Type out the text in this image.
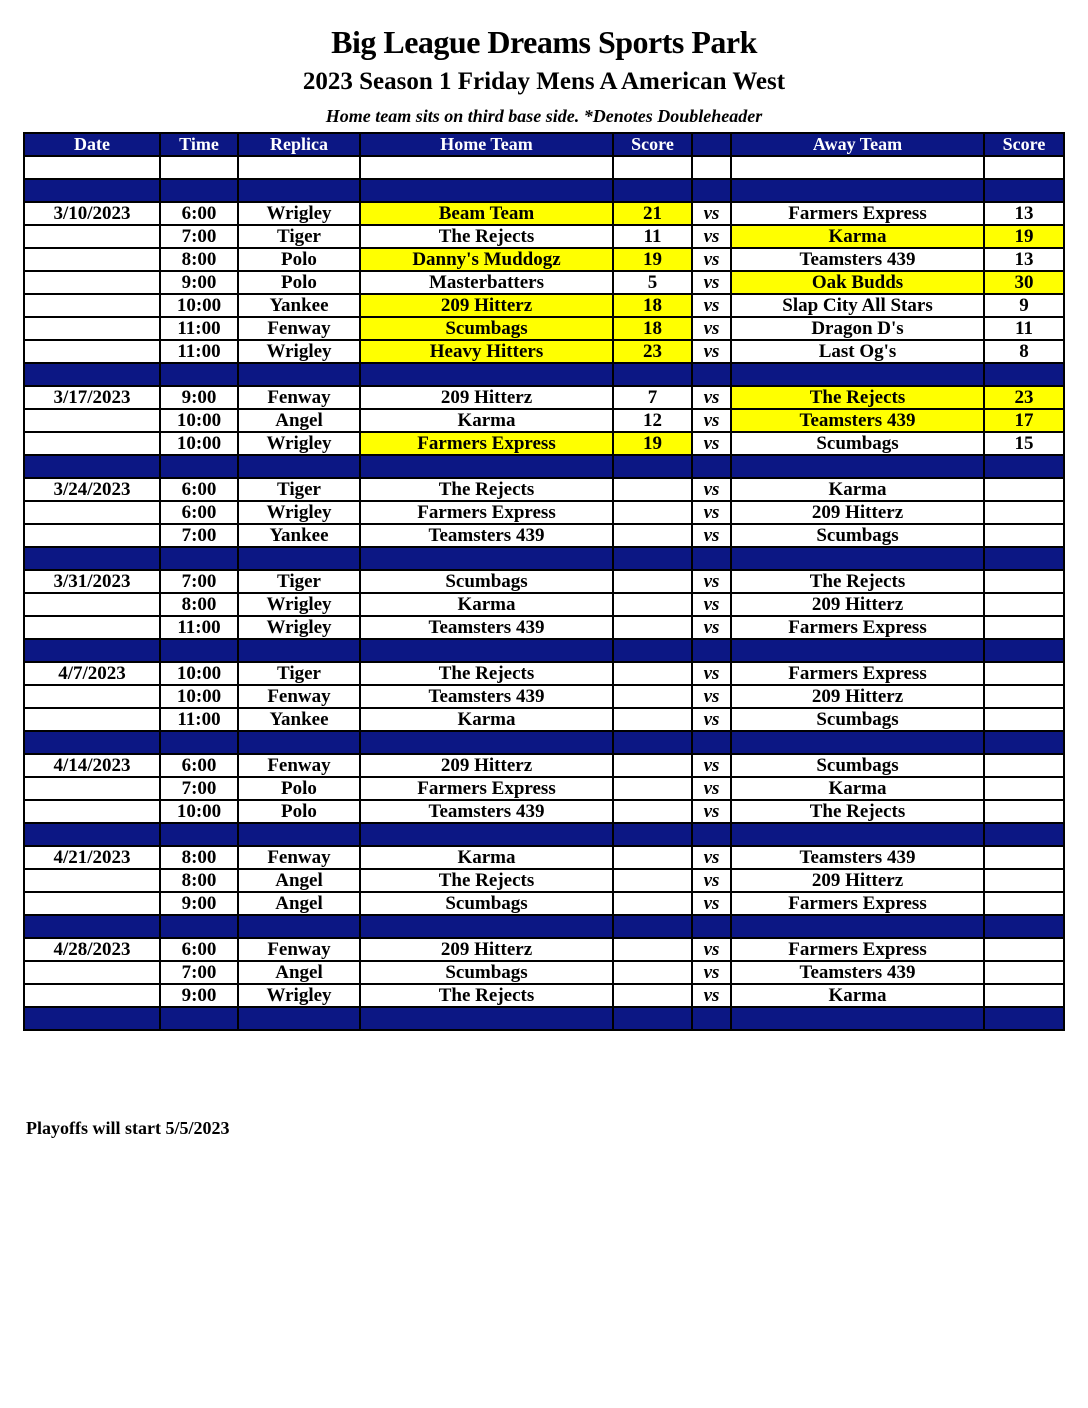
Big League Dreams Sports Park
2023 Season 1 Friday Mens A American West
Home team sits on third base side. *Denotes Doubleheader
Date	Time	Replica	Home Team	Score		Away Team	Score

3/10/2023	6:00	Wrigley	Beam Team	21	vs	Farmers Express	13
	7:00	Tiger	The Rejects	11	vs	Karma	19
	8:00	Polo	Danny's Muddogz	19	vs	Teamsters 439	13
	9:00	Polo	Masterbatters	5	vs	Oak Budds	30
	10:00	Yankee	209 Hitterz	18	vs	Slap City All Stars	9
	11:00	Fenway	Scumbags	18	vs	Dragon D's	11
	11:00	Wrigley	Heavy Hitters	23	vs	Last Og's	8

3/17/2023	9:00	Fenway	209 Hitterz	7	vs	The Rejects	23
	10:00	Angel	Karma	12	vs	Teamsters 439	17
	10:00	Wrigley	Farmers Express	19	vs	Scumbags	15

3/24/2023	6:00	Tiger	The Rejects		vs	Karma	
	6:00	Wrigley	Farmers Express		vs	209 Hitterz	
	7:00	Yankee	Teamsters 439		vs	Scumbags	

3/31/2023	7:00	Tiger	Scumbags		vs	The Rejects	
	8:00	Wrigley	Karma		vs	209 Hitterz	
	11:00	Wrigley	Teamsters 439		vs	Farmers Express	

4/7/2023	10:00	Tiger	The Rejects		vs	Farmers Express	
	10:00	Fenway	Teamsters 439		vs	209 Hitterz	
	11:00	Yankee	Karma		vs	Scumbags	

4/14/2023	6:00	Fenway	209 Hitterz		vs	Scumbags	
	7:00	Polo	Farmers Express		vs	Karma	
	10:00	Polo	Teamsters 439		vs	The Rejects	

4/21/2023	8:00	Fenway	Karma		vs	Teamsters 439	
	8:00	Angel	The Rejects		vs	209 Hitterz	
	9:00	Angel	Scumbags		vs	Farmers Express	

4/28/2023	6:00	Fenway	209 Hitterz		vs	Farmers Express	
	7:00	Angel	Scumbags		vs	Teamsters 439	
	9:00	Wrigley	The Rejects		vs	Karma	

Playoffs will start 5/5/2023
